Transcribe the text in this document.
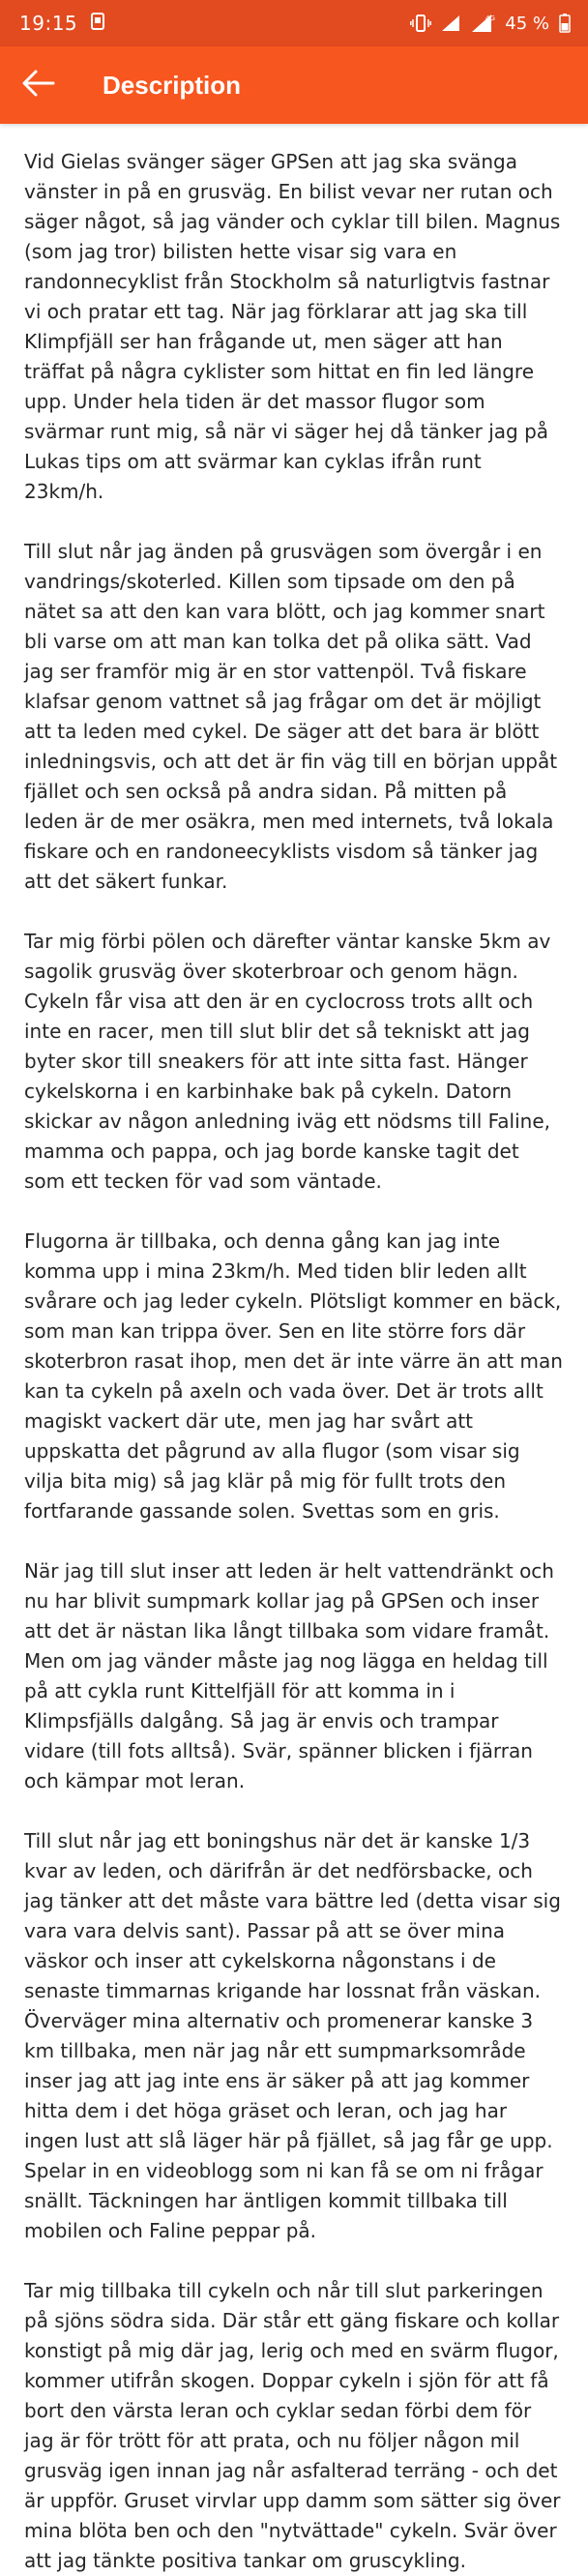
19:15	4G 45 %
Description

Vid Gielas svänger säger GPSen att jag ska svänga vänster in på en grusväg. En bilist vevar ner rutan och säger något, så jag vänder och cyklar till bilen. Magnus (som jag tror) bilisten hette visar sig vara en randonnecyklist från Stockholm så naturligtvis fastnar vi och pratar ett tag. När jag förklarar att jag ska till Klimpfjäll ser han frågande ut, men säger att han träffat på några cyklister som hittat en fin led längre upp. Under hela tiden är det massor flugor som svärmar runt mig, så när vi säger hej då tänker jag på Lukas tips om att svärmar kan cyklas ifrån runt 23km/h.

Till slut når jag änden på grusvägen som övergår i en vandrings/skoterled. Killen som tipsade om den på nätet sa att den kan vara blött, och jag kommer snart bli varse om att man kan tolka det på olika sätt. Vad jag ser framför mig är en stor vattenpöl. Två fiskare klafsar genom vattnet så jag frågar om det är möjligt att ta leden med cykel. De säger att det bara är blött inledningsvis, och att det är fin väg till en början uppåt fjället och sen också på andra sidan. På mitten på leden är de mer osäkra, men med internets, två lokala fiskare och en randoneecyklists visdom så tänker jag att det säkert funkar.

Tar mig förbi pölen och därefter väntar kanske 5km av sagolik grusväg över skoterbroar och genom hägn. Cykeln får visa att den är en cyclocross trots allt och inte en racer, men till slut blir det så tekniskt att jag byter skor till sneakers för att inte sitta fast. Hänger cykelskorna i en karbinhake bak på cykeln. Datorn skickar av någon anledning iväg ett nödsms till Faline, mamma och pappa, och jag borde kanske tagit det som ett tecken för vad som väntade.

Flugorna är tillbaka, och denna gång kan jag inte komma upp i mina 23km/h. Med tiden blir leden allt svårare och jag leder cykeln. Plötsligt kommer en bäck, som man kan trippa över. Sen en lite större fors där skoterbron rasat ihop, men det är inte värre än att man kan ta cykeln på axeln och vada över. Det är trots allt magiskt vackert där ute, men jag har svårt att uppskatta det pågrund av alla flugor (som visar sig vilja bita mig) så jag klär på mig för fullt trots den fortfarande gassande solen. Svettas som en gris.

När jag till slut inser att leden är helt vattendränkt och nu har blivit sumpmark kollar jag på GPSen och inser att det är nästan lika långt tillbaka som vidare framåt. Men om jag vänder måste jag nog lägga en heldag till på att cykla runt Kittelfjäll för att komma in i Klimpsfjälls dalgång. Så jag är envis och trampar vidare (till fots alltså). Svär, spänner blicken i fjärran och kämpar mot leran.

Till slut når jag ett boningshus när det är kanske 1/3 kvar av leden, och därifrån är det nedförsbacke, och jag tänker att det måste vara bättre led (detta visar sig vara vara delvis sant). Passar på att se över mina väskor och inser att cykelskorna någonstans i de senaste timmarnas krigande har lossnat från väskan. Överväger mina alternativ och promenerar kanske 3 km tillbaka, men när jag når ett sumpmarksområde inser jag att jag inte ens är säker på att jag kommer hitta dem i det höga gräset och leran, och jag har ingen lust att slå läger här på fjället, så jag får ge upp. Spelar in en videoblogg som ni kan få se om ni frågar snällt. Täckningen har äntligen kommit tillbaka till mobilen och Faline peppar på.

Tar mig tillbaka till cykeln och når till slut parkeringen på sjöns södra sida. Där står ett gäng fiskare och kollar konstigt på mig där jag, lerig och med en svärm flugor, kommer utifrån skogen. Doppar cykeln i sjön för att få bort den värsta leran och cyklar sedan förbi dem för jag är för trött för att prata, och nu följer någon mil grusväg igen innan jag når asfalterad terräng - och det är uppför. Gruset virvlar upp damm som sätter sig över mina blöta ben och den "nytvättade" cykeln. Svär över att jag tänkte positiva tankar om gruscykling.
